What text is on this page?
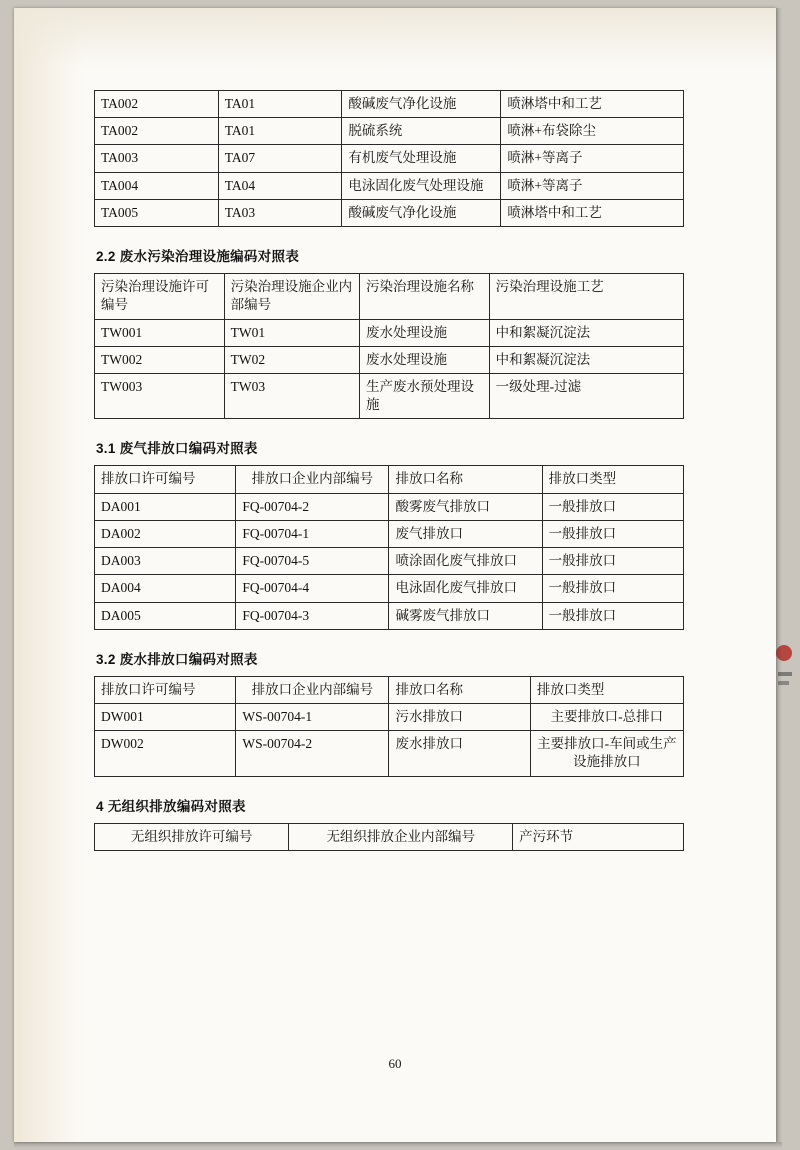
TA002	TA01	酸碱废气净化设施	喷淋塔中和工艺
TA002	TA01	脱硫系统	喷淋+布袋除尘
TA003	TA07	有机废气处理设施	喷淋+等离子
TA004	TA04	电泳固化废气处理设施	喷淋+等离子
TA005	TA03	酸碱废气净化设施	喷淋塔中和工艺
2.2 废水污染治理设施编码对照表
污染治理设施许可编号	污染治理设施企业内部编号	污染治理设施名称	污染治理设施工艺
TW001	TW01	废水处理设施	中和絮凝沉淀法
TW002	TW02	废水处理设施	中和絮凝沉淀法
TW003	TW03	生产废水预处理设施	一级处理-过滤
3.1 废气排放口编码对照表
排放口许可编号	排放口企业内部编号	排放口名称	排放口类型
DA001	FQ-00704-2	酸雾废气排放口	一般排放口
DA002	FQ-00704-1	废气排放口	一般排放口
DA003	FQ-00704-5	喷涂固化废气排放口	一般排放口
DA004	FQ-00704-4	电泳固化废气排放口	一般排放口
DA005	FQ-00704-3	碱雾废气排放口	一般排放口
3.2 废水排放口编码对照表
排放口许可编号	排放口企业内部编号	排放口名称	排放口类型
DW001	WS-00704-1	污水排放口	主要排放口-总排口
DW002	WS-00704-2	废水排放口	主要排放口-车间或生产设施排放口
4 无组织排放编码对照表
无组织排放许可编号	无组织排放企业内部编号	产污环节
60
